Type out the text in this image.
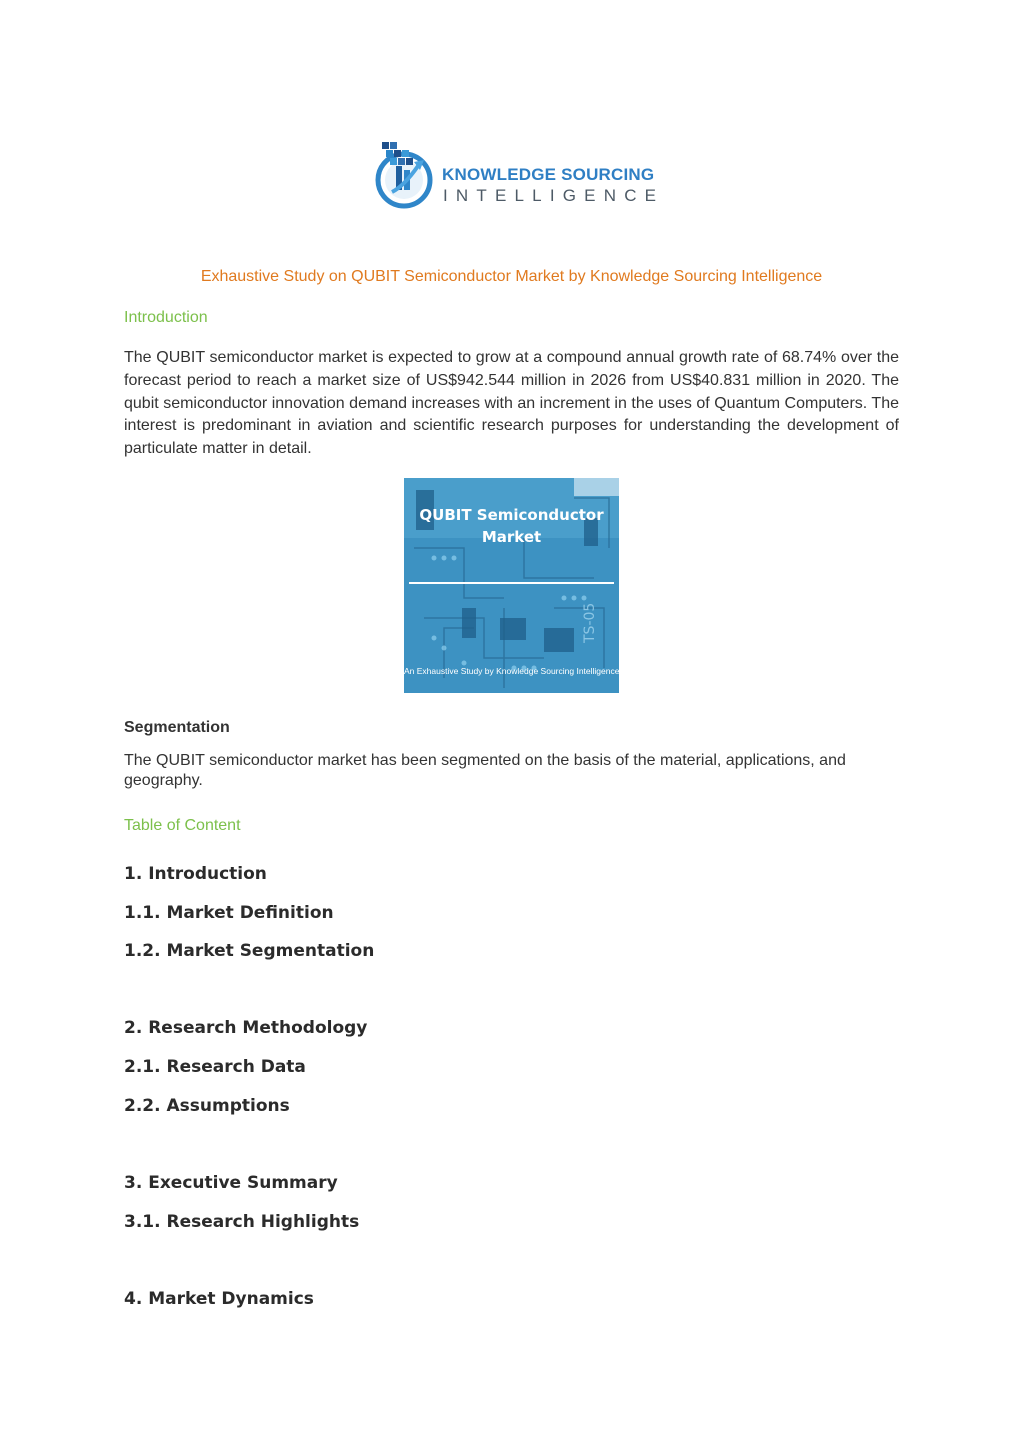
KNOWLEDGE SOURCING
INTELLIGENCE
Exhaustive Study on QUBIT Semiconductor Market by Knowledge Sourcing Intelligence
Introduction
The QUBIT semiconductor market is expected to grow at a compound annual growth rate of 68.74% over the forecast period to reach a market size of US$942.544 million in 2026 from US$40.831 million in 2020. The qubit semiconductor innovation demand increases with an increment in the uses of Quantum Computers. The interest is predominant in aviation and scientific research purposes for understanding the development of particulate matter in detail.
TS-05
QUBIT Semiconductor
Market
An Exhaustive Study by Knowledge Sourcing Intelligence
Segmentation
The QUBIT semiconductor market has been segmented on the basis of the material, applications, and geography.
Table of Content
1. Introduction
1.1. Market Definition
1.2. Market Segmentation
2. Research Methodology
2.1. Research Data
2.2. Assumptions
3. Executive Summary
3.1. Research Highlights
4. Market Dynamics
